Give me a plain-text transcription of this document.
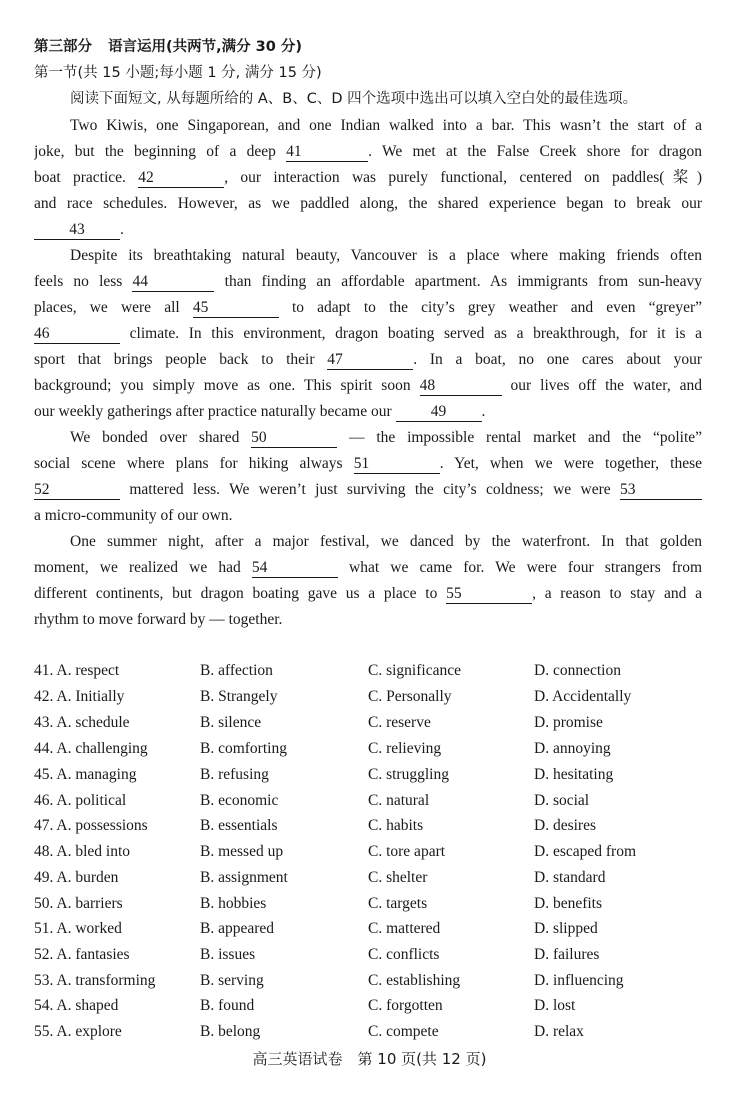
第三部分 语言运用(共两节,满分 30 分)
第一节(共 15 小题;每小题 1 分, 满分 15 分)
阅读下面短文, 从每题所给的 A、B、C、D 四个选项中选出可以填入空白处的最佳选项。
Two Kiwis, one Singaporean, and one Indian walked into a bar. This wasn’t the start of a
joke, but the beginning of a deep 41	. We met at the False Creek shore for dragon
boat practice. 42	, our interaction was purely functional, centered on paddles(桨)
and race schedules. However, as we paddled along, the shared experience began to break our
43 .
Despite its breathtaking natural beauty, Vancouver is a place where making friends often
feels no less 44	than finding an affordable apartment. As immigrants from sun-heavy
places, we were all 45	to adapt to the city’s grey weather and even “greyer”
46	climate. In this environment, dragon boating served as a breakthrough, for it is a
sport that brings people back to their 47	. In a boat, no one cares about your
background; you simply move as one. This spirit soon 48	our lives off the water, and
our weekly gatherings after practice naturally became our	49 .
We bonded over shared 50	— the impossible rental market and the “polite”
social scene where plans for hiking always 51	. Yet, when we were together, these
52	mattered less. We weren’t just surviving the city’s coldness; we were 53
a micro-community of our own.
One summer night, after a major festival, we danced by the waterfront. In that golden
moment, we realized we had 54	what we came for. We were four strangers from
different continents, but dragon boating gave us a place to 55	, a reason to stay and a
rhythm to move forward by — together.
41. A. respect	B. affection	C. significance	D. connection
42. A. Initially	B. Strangely	C. Personally	D. Accidentally
43. A. schedule	B. silence	C. reserve	D. promise
44. A. challenging	B. comforting	C. relieving	D. annoying
45. A. managing	B. refusing	C. struggling	D. hesitating
46. A. political	B. economic	C. natural	D. social
47. A. possessions	B. essentials	C. habits	D. desires
48. A. bled into	B. messed up	C. tore apart	D. escaped from
49. A. burden	B. assignment	C. shelter	D. standard
50. A. barriers	B. hobbies	C. targets	D. benefits
51. A. worked	B. appeared	C. mattered	D. slipped
52. A. fantasies	B. issues	C. conflicts	D. failures
53. A. transforming	B. serving	C. establishing	D. influencing
54. A. shaped	B. found	C. forgotten	D. lost
55. A. explore	B. belong	C. compete	D. relax
高三英语试卷　第 10 页(共 12 页)
